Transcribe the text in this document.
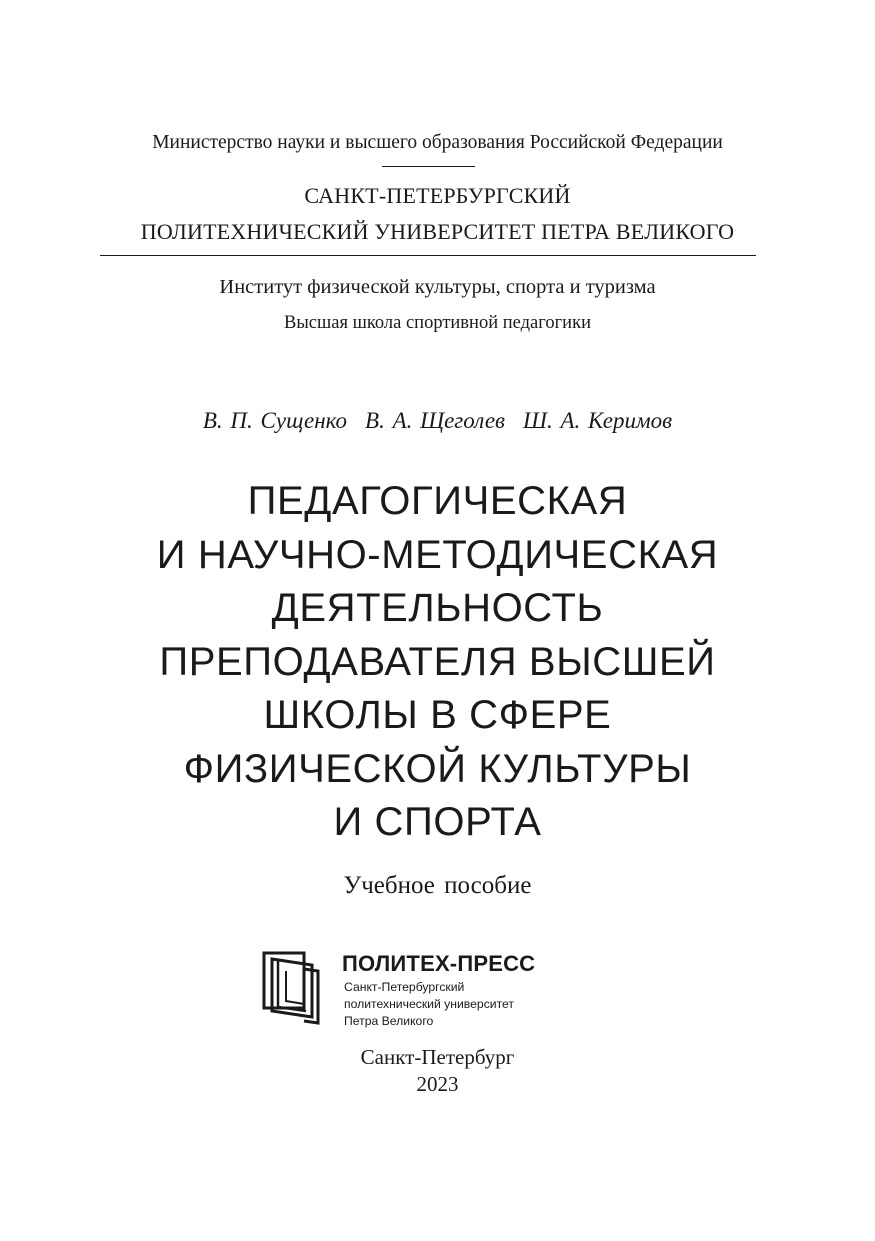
Министерство науки и высшего образования Российской Федерации
САНКТ-ПЕТЕРБУРГСКИЙ
ПОЛИТЕХНИЧЕСКИЙ УНИВЕРСИТЕТ ПЕТРА ВЕЛИКОГО
Институт физической культуры, спорта и туризма
Высшая школа спортивной педагогики
В. П. Сущенко В. А. Щеголев Ш. А. Керимов
ПЕДАГОГИЧЕСКАЯ
И НАУЧНО-МЕТОДИЧЕСКАЯ
ДЕЯТЕЛЬНОСТЬ
ПРЕПОДАВАТЕЛЯ ВЫСШЕЙ
ШКОЛЫ В СФЕРЕ
ФИЗИЧЕСКОЙ КУЛЬТУРЫ
И СПОРТА
Учебное пособие
ПОЛИТЕХ-ПРЕСС
Санкт-Петербургский
политехнический университет
Петра Великого
Санкт-Петербург
2023
